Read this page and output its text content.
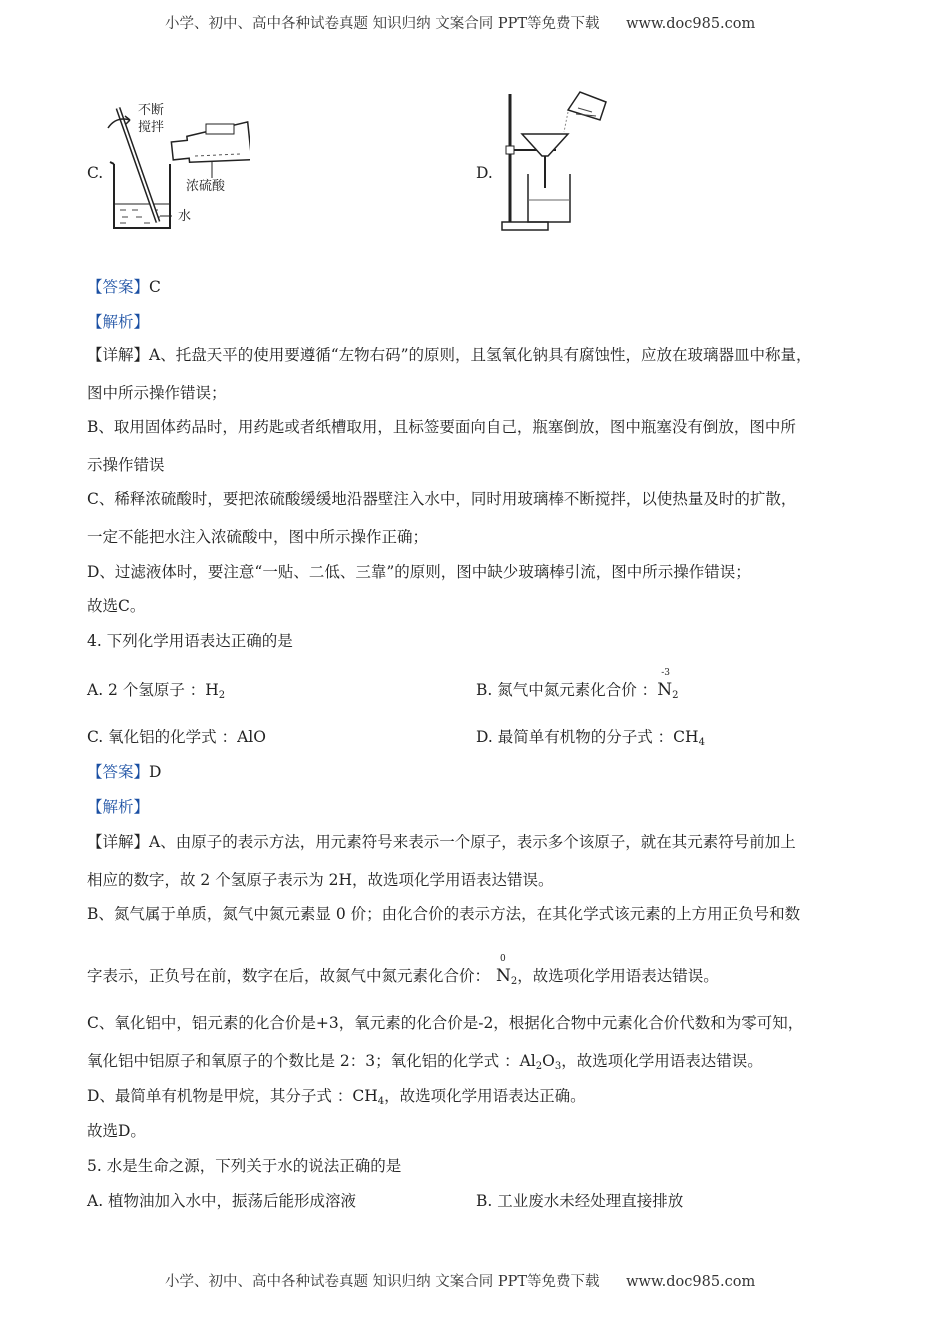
小学、初中、高中各种试卷真题 知识归纳 文案合同 PPT等免费下载 www.doc985.com
C.
不断
搅拌
浓硫酸
水
D.
【答案】C
【解析】
【详解】A、托盘天平的使用要遵循“左物右码”的原则，且氢氧化钠具有腐蚀性，应放在玻璃器皿中称量，
图中所示操作错误；
B、取用固体药品时，用药匙或者纸槽取用，且标签要面向自己，瓶塞倒放，图中瓶塞没有倒放，图中所
示操作错误
C、稀释浓硫酸时，要把浓硫酸缓缓地沿器壁注入水中，同时用玻璃棒不断搅拌，以使热量及时的扩散，
一定不能把水注入浓硫酸中，图中所示操作正确；
D、过滤液体时，要注意“一贴、二低、三靠”的原则，图中缺少玻璃棒引流，图中所示操作错误；
故选C。
4. 下列化学用语表达正确的是
A. 2 个氢原子 ：$H_2$	B. 氮气中氮元素化合价 ：
-3
$N_2$
C. 氧化铝的化学式 ：AlO	D. 最简单有机物的分子式 ：$CH_4$
【答案】D
【解析】
【详解】A、由原子的表示方法，用元素符号来表示一个原子，表示多个该原子，就在其元素符号前加上
相应的数字，故 2 个氢原子表示为 2H，故选项化学用语表达错误。
B、氮气属于单质，氮气中氮元素显 0 价；由化合价的表示方法，在其化学式该元素的上方用正负号和数
字表示，正负号在前，数字在后，故氮气中氮元素化合价：
0
$N_2$，故选项化学用语表达错误。
C、氧化铝中，铝元素的化合价是+3，氧元素的化合价是-2，根据化合物中元素化合价代数和为零可知，
氧化铝中铝原子和氧原子的个数比是 2：3；氧化铝的化学式 ：$Al_2O_3$，故选项化学用语表达错误。
D、最简单有机物是甲烷，其分子式 ：$CH_4$，故选项化学用语表达正确。
故选D。
5. 水是生命之源，下列关于水的说法正确的是
A. 植物油加入水中，振荡后能形成溶液	B. 工业废水未经处理直接排放
小学、初中、高中各种试卷真题 知识归纳 文案合同 PPT等免费下载 www.doc985.com
